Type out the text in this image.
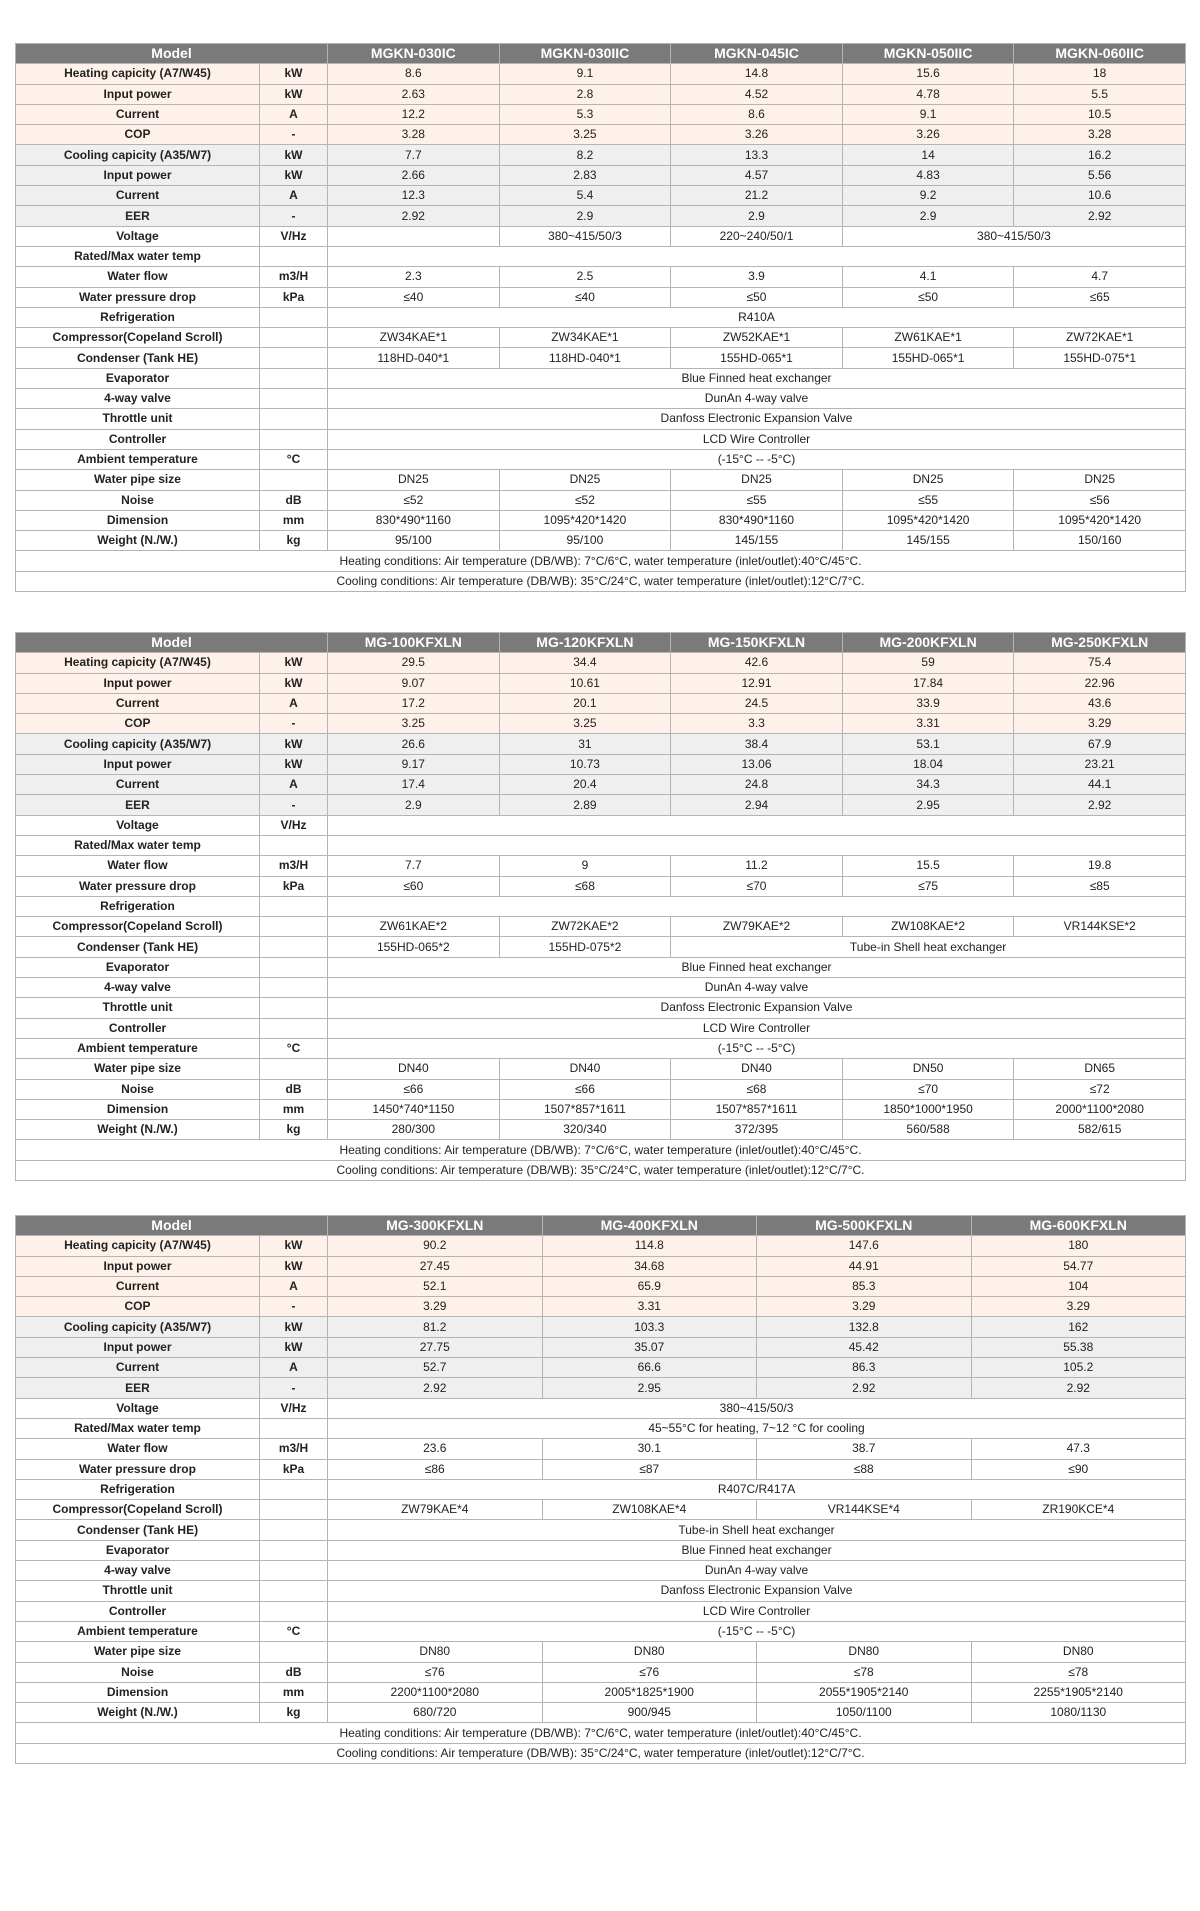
Model		MGKN-030IC	MGKN-030IIC	MGKN-045IC	MGKN-050IIC	MGKN-060IIC
Heating capicity (A7/W45)	kW	8.6	9.1	14.8	15.6	18
Input power	kW	2.63	2.8	4.52	4.78	5.5
Current	A	12.2	5.3	8.6	9.1	10.5
COP	-	3.28	3.25	3.26	3.26	3.28
Cooling capicity (A35/W7)	kW	7.7	8.2	13.3	14	16.2
Input power	kW	2.66	2.83	4.57	4.83	5.56
Current	A	12.3	5.4	21.2	9.2	10.6
EER	-	2.92	2.9	2.9	2.9	2.92
Voltage	V/Hz		380~415/50/3	220~240/50/1	380~415/50/3	
Rated/Max water temp						
Water flow	m3/H	2.3	2.5	3.9	4.1	4.7
Water pressure drop	kPa	≤40	≤40	≤50	≤50	≤65
Refrigeration		R410A				
Compressor(Copeland Scroll)		ZW34KAE*1	ZW34KAE*1	ZW52KAE*1	ZW61KAE*1	ZW72KAE*1
Condenser (Tank HE)		118HD-040*1	118HD-040*1	155HD-065*1	155HD-065*1	155HD-075*1
Evaporator		Blue Finned heat exchanger				
4-way valve		DunAn 4-way valve				
Throttle unit		Danfoss Electronic Expansion Valve				
Controller		LCD Wire Controller				
Ambient temperature	°C	(-15°C -- -5°C)				
Water pipe size		DN25	DN25	DN25	DN25	DN25
Noise	dB	≤52	≤52	≤55	≤55	≤56
Dimension	mm	830*490*1160	1095*420*1420	830*490*1160	1095*420*1420	1095*420*1420
Weight (N./W.)	kg	95/100	95/100	145/155	145/155	150/160
Heating conditions: Air temperature (DB/WB): 7°C/6°C, water temperature (inlet/outlet):40°C/45°C.						
Cooling conditions: Air temperature (DB/WB): 35°C/24°C, water temperature (inlet/outlet):12°C/7°C.						
Model		MG-100KFXLN	MG-120KFXLN	MG-150KFXLN	MG-200KFXLN	MG-250KFXLN
Heating capicity (A7/W45)	kW	29.5	34.4	42.6	59	75.4
Input power	kW	9.07	10.61	12.91	17.84	22.96
Current	A	17.2	20.1	24.5	33.9	43.6
COP	-	3.25	3.25	3.3	3.31	3.29
Cooling capicity (A35/W7)	kW	26.6	31	38.4	53.1	67.9
Input power	kW	9.17	10.73	13.06	18.04	23.21
Current	A	17.4	20.4	24.8	34.3	44.1
EER	-	2.9	2.89	2.94	2.95	2.92
Voltage	V/Hz					
Rated/Max water temp						
Water flow	m3/H	7.7	9	11.2	15.5	19.8
Water pressure drop	kPa	≤60	≤68	≤70	≤75	≤85
Refrigeration						
Compressor(Copeland Scroll)		ZW61KAE*2	ZW72KAE*2	ZW79KAE*2	ZW108KAE*2	VR144KSE*2
Condenser (Tank HE)		155HD-065*2	155HD-075*2	Tube-in Shell heat exchanger		
Evaporator		Blue Finned heat exchanger				
4-way valve		DunAn 4-way valve				
Throttle unit		Danfoss Electronic Expansion Valve				
Controller		LCD Wire Controller				
Ambient temperature	°C	(-15°C -- -5°C)				
Water pipe size		DN40	DN40	DN40	DN50	DN65
Noise	dB	≤66	≤66	≤68	≤70	≤72
Dimension	mm	1450*740*1150	1507*857*1611	1507*857*1611	1850*1000*1950	2000*1100*2080
Weight (N./W.)	kg	280/300	320/340	372/395	560/588	582/615
Heating conditions: Air temperature (DB/WB): 7°C/6°C, water temperature (inlet/outlet):40°C/45°C.						
Cooling conditions: Air temperature (DB/WB): 35°C/24°C, water temperature (inlet/outlet):12°C/7°C.						
Model		MG-300KFXLN	MG-400KFXLN	MG-500KFXLN	MG-600KFXLN
Heating capicity (A7/W45)	kW	90.2	114.8	147.6	180
Input power	kW	27.45	34.68	44.91	54.77
Current	A	52.1	65.9	85.3	104
COP	-	3.29	3.31	3.29	3.29
Cooling capicity (A35/W7)	kW	81.2	103.3	132.8	162
Input power	kW	27.75	35.07	45.42	55.38
Current	A	52.7	66.6	86.3	105.2
EER	-	2.92	2.95	2.92	2.92
Voltage	V/Hz	380~415/50/3			
Rated/Max water temp		45~55°C for heating, 7~12 °C for cooling			
Water flow	m3/H	23.6	30.1	38.7	47.3
Water pressure drop	kPa	≤86	≤87	≤88	≤90
Refrigeration		R407C/R417A			
Compressor(Copeland Scroll)		ZW79KAE*4	ZW108KAE*4	VR144KSE*4	ZR190KCE*4
Condenser (Tank HE)		Tube-in Shell heat exchanger			
Evaporator		Blue Finned heat exchanger			
4-way valve		DunAn 4-way valve			
Throttle unit		Danfoss Electronic Expansion Valve			
Controller		LCD Wire Controller			
Ambient temperature	°C	(-15°C -- -5°C)			
Water pipe size		DN80	DN80	DN80	DN80
Noise	dB	≤76	≤76	≤78	≤78
Dimension	mm	2200*1100*2080	2005*1825*1900	2055*1905*2140	2255*1905*2140
Weight (N./W.)	kg	680/720	900/945	1050/1100	1080/1130
Heating conditions: Air temperature (DB/WB): 7°C/6°C, water temperature (inlet/outlet):40°C/45°C.					
Cooling conditions: Air temperature (DB/WB): 35°C/24°C, water temperature (inlet/outlet):12°C/7°C.					
